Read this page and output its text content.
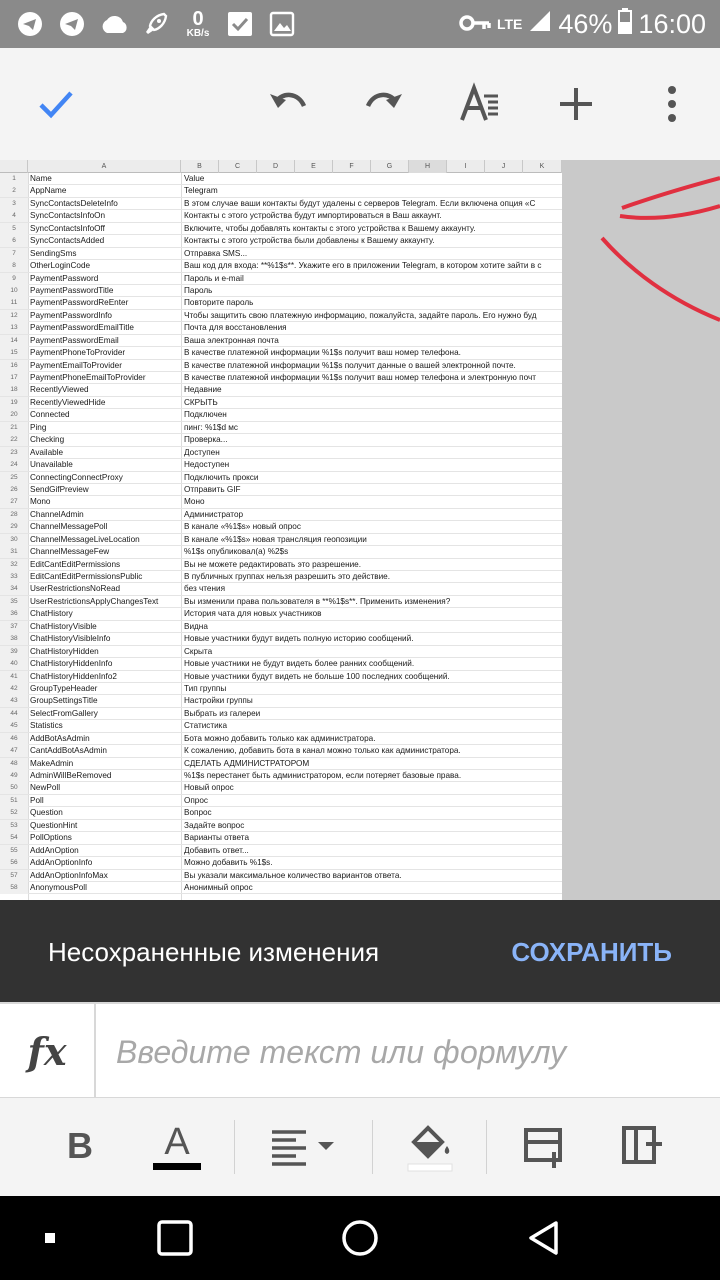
0
KB/s
LTE 46% 16:00
A	B	C	D	E	F	G	H	I	J	K
1	Name	Value
2	AppName	Telegram
3	SyncContactsDeleteInfo	В этом случае ваши контакты будут удалены с серверов Telegram. Если включена опция «С
4	SyncContactsInfoOn	Контакты с этого устройства будут импортироваться в Ваш аккаунт.
5	SyncContactsInfoOff	Включите, чтобы добавлять контакты с этого устройства к Вашему аккаунту.
6	SyncContactsAdded	Контакты с этого устройства были добавлены к Вашему аккаунту.
7	SendingSms	Отправка SMS...
8	OtherLoginCode	Ваш код для входа: **%1$s**. Укажите его в приложении Telegram, в котором хотите зайти в с
9	PaymentPassword	Пароль и e-mail
10	PaymentPasswordTitle	Пароль
11	PaymentPasswordReEnter	Повторите пароль
12	PaymentPasswordInfo	Чтобы защитить свою платежную информацию, пожалуйста, задайте пароль. Его нужно буд
13	PaymentPasswordEmailTitle	Почта для восстановления
14	PaymentPasswordEmail	Ваша электронная почта
15	PaymentPhoneToProvider	В качестве платежной информации %1$s получит ваш номер телефона.
16	PaymentEmailToProvider	В качестве платежной информации %1$s получит данные о вашей электронной почте.
17	PaymentPhoneEmailToProvider	В качестве платежной информации %1$s получит ваш номер телефона и электронную почт
18	RecentlyViewed	Недавние
19	RecentlyViewedHide	СКРЫТЬ
20	Connected	Подключен
21	Ping	пинг: %1$d мс
22	Checking	Проверка...
23	Available	Доступен
24	Unavailable	Недоступен
25	ConnectingConnectProxy	Подключить прокси
26	SendGifPreview	Отправить GIF
27	Mono	Моно
28	ChannelAdmin	Администратор
29	ChannelMessagePoll	В канале «%1$s» новый опрос
30	ChannelMessageLiveLocation	В канале «%1$s» новая трансляция геопозиции
31	ChannelMessageFew	%1$s опубликовал(а) %2$s
32	EditCantEditPermissions	Вы не можете редактировать это разрешение.
33	EditCantEditPermissionsPublic	В публичных группах нельзя разрешить это действие.
34	UserRestrictionsNoRead	без чтения
35	UserRestrictionsApplyChangesText	Вы изменили права пользователя в **%1$s**. Применить изменения?
36	ChatHistory	История чата для новых участников
37	ChatHistoryVisible	Видна
38	ChatHistoryVisibleInfo	Новые участники будут видеть полную историю сообщений.
39	ChatHistoryHidden	Скрыта
40	ChatHistoryHiddenInfo	Новые участники не будут видеть более ранних сообщений.
41	ChatHistoryHiddenInfo2	Новые участники будут видеть не больше 100 последних сообщений.
42	GroupTypeHeader	Тип группы
43	GroupSettingsTitle	Настройки группы
44	SelectFromGallery	Выбрать из галереи
45	Statistics	Статистика
46	AddBotAsAdmin	Бота можно добавить только как администратора.
47	CantAddBotAsAdmin	К сожалению, добавить бота в канал можно только как администратора.
48	MakeAdmin	СДЕЛАТЬ АДМИНИСТРАТОРОМ
49	AdminWillBeRemoved	%1$s перестанет быть администратором, если потеряет базовые права.
50	NewPoll	Новый опрос
51	Poll	Опрос
52	Question	Вопрос
53	QuestionHint	Задайте вопрос
54	PollOptions	Варианты ответа
55	AddAnOption	Добавить ответ...
56	AddAnOptionInfo	Можно добавить %1$s.
57	AddAnOptionInfoMax	Вы указали максимальное количество вариантов ответа.
58	AnonymousPoll	Анонимный опрос
Несохраненные изменения	СОХРАНИТЬ
fx
Введите текст или формулу
B A
